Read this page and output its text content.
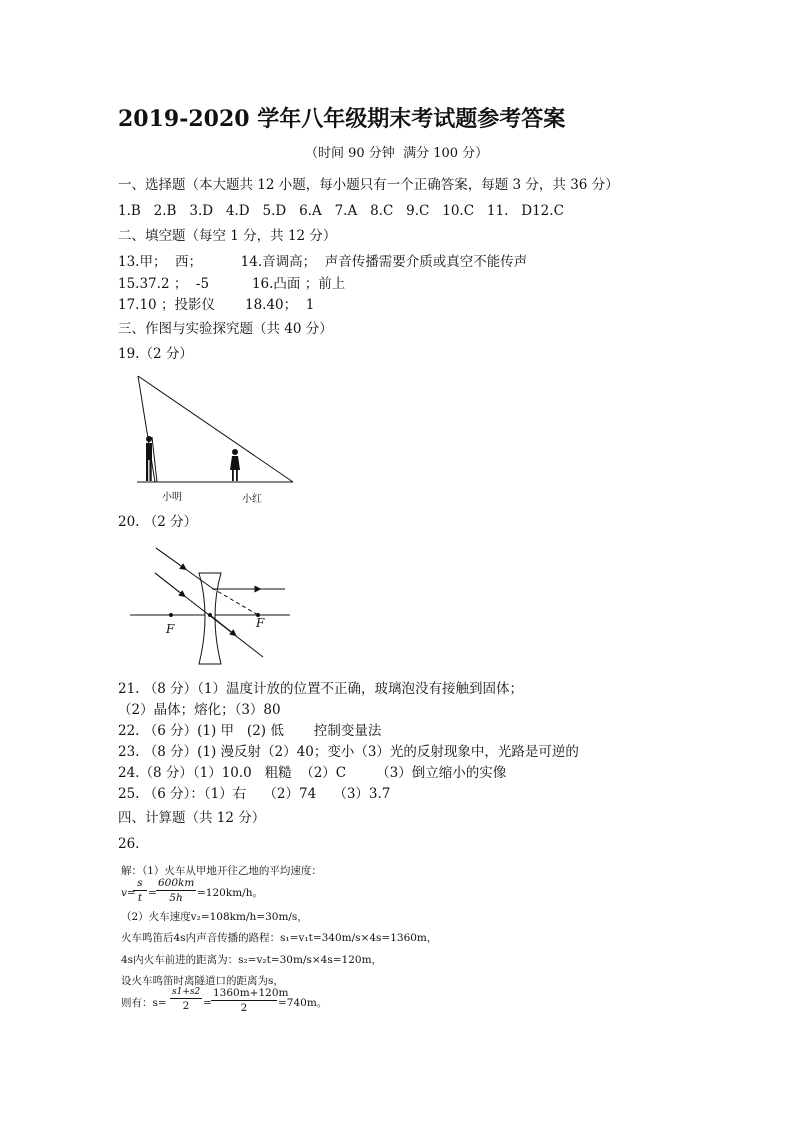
2019-2020 学年八年级期末考试题参考答案
（时间 90 分钟  满分 100 分）
一、选择题（本大题共 12 小题，每小题只有一个正确答案，每题 3 分，共 36 分）
1.B   2.B   3.D   4.D   5.D   6.A   7.A   8.C   9.C   10.C   11.   D12.C
二、填空题（每空 1 分，共 12 分）
13.甲；  西；         14.音调高；  声音传播需要介质或真空不能传声
15.37.2 ；  -5          16.凸面 ；前上
17.10 ；投影仪       18.40；  1
三、作图与实验探究题（共 40 分）
19.（2 分）
小明	小红
20. （2 分）
F	F
21. （8 分）（1）温度计放的位置不正确，玻璃泡没有接触到固体；
（2）晶体；熔化；（3）80
22. （6 分）(1) 甲   (2) 低       控制变量法
23. （8 分）(1) 漫反射（2）40；变小（3）光的反射现象中，光路是可逆的
24.（8 分）（1）10.0   粗糙  （2）C       （3）倒立缩小的实像
25. （6 分）：（1）右    （2）74    （3）3.7
四、计算题（共 12 分）
26.
解：（1）火车从甲地开往乙地的平均速度：
v=
$\frac{s}{t} = \frac{600km}{5h} =120km/h$。
（2）火车速度v₂=108km/h=30m/s，
火车鸣笛后4s内声音传播的路程：s₁=v₁t=340m/s×4s=1360m，
4s内火车前进的距离为：s₂=v₂t=30m/s×4s=120m，
设火车鸣笛时离隧道口的距离为s，
则有：$s= \frac{s1+s2}{2} = \frac{1360m+120m}{2} =740m$。
